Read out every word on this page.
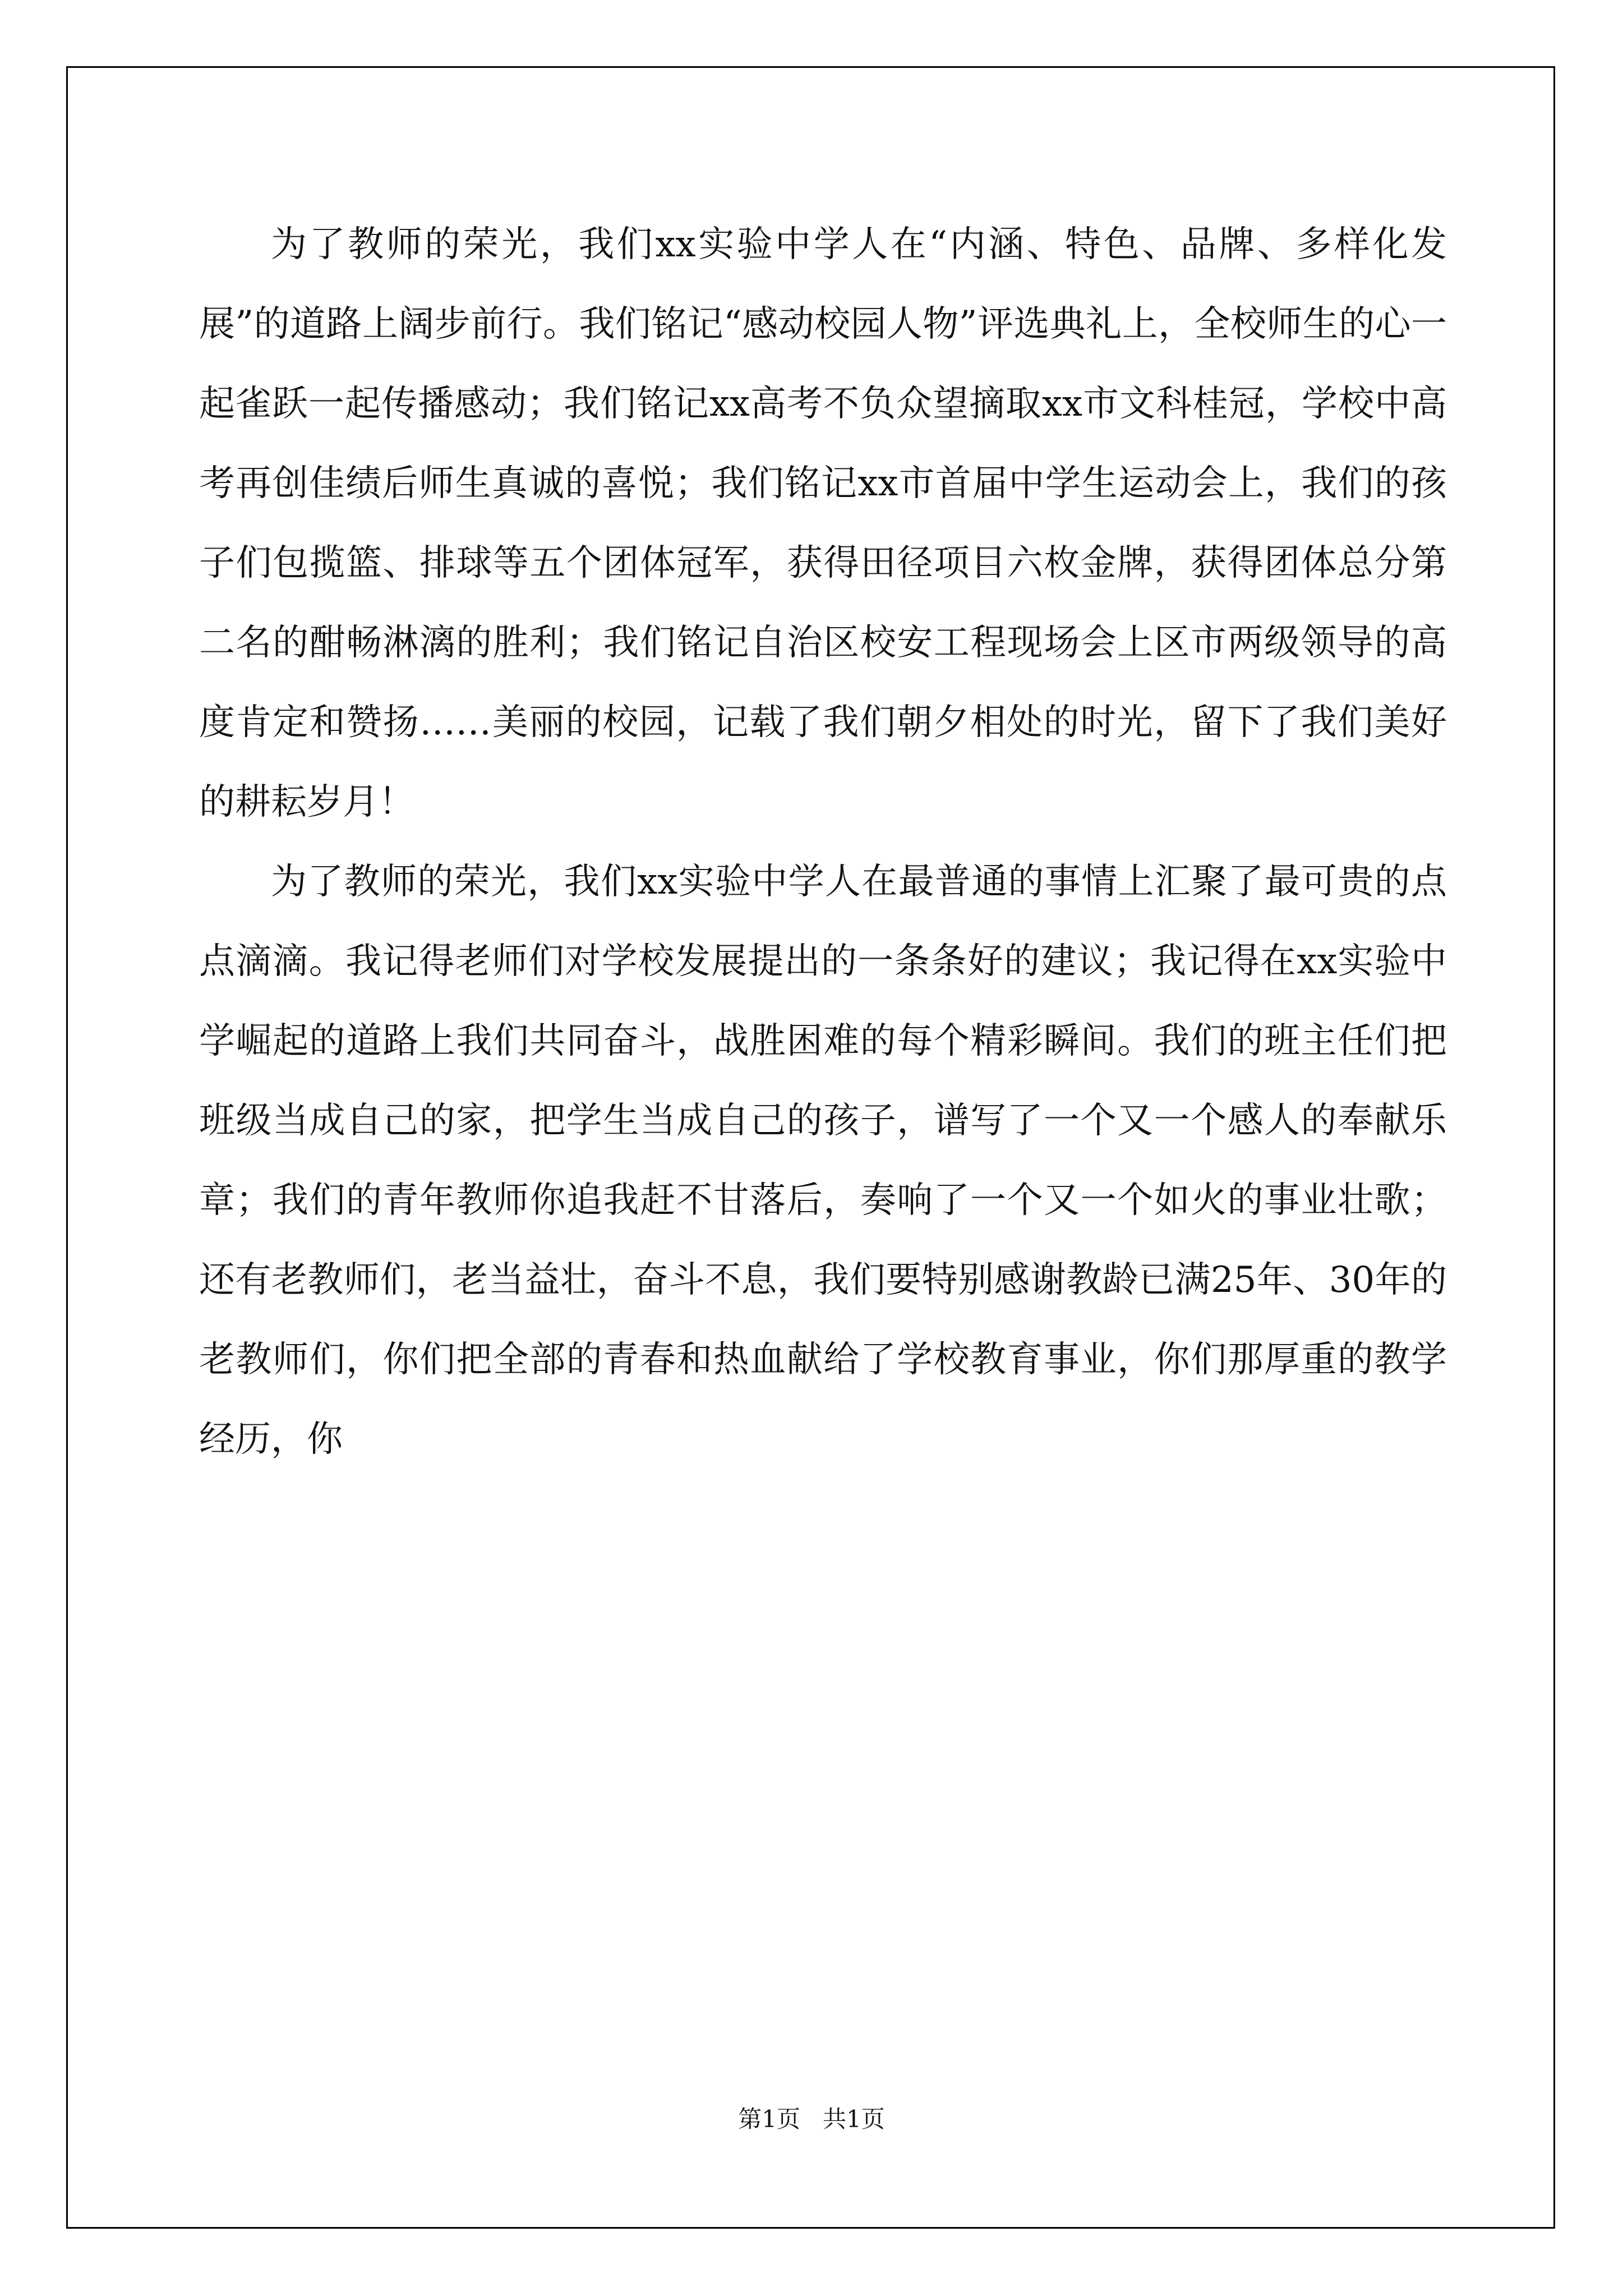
为了教师的荣光，我们xx实验中学人在“内涵、特色、品牌、多样化发展”的道路上阔步前行。我们铭记“感动校园人物”评选典礼上，全校师生的心一起雀跃一起传播感动；我们铭记xx高考不负众望摘取xx市文科桂冠，学校中高考再创佳绩后师生真诚的喜悦；我们铭记xx市首届中学生运动会上，我们的孩子们包揽篮、排球等五个团体冠军，获得田径项目六枚金牌，获得团体总分第二名的酣畅淋漓的胜利；我们铭记自治区校安工程现场会上区市两级领导的高度肯定和赞扬……美丽的校园，记载了我们朝夕相处的时光，留下了我们美好的耕耘岁月！

为了教师的荣光，我们xx实验中学人在最普通的事情上汇聚了最可贵的点点滴滴。我记得老师们对学校发展提出的一条条好的建议；我记得在xx实验中学崛起的道路上我们共同奋斗，战胜困难的每个精彩瞬间。我们的班主任们把班级当成自己的家，把学生当成自己的孩子，谱写了一个又一个感人的奉献乐章；我们的青年教师你追我赶不甘落后，奏响了一个又一个如火的事业壮歌；还有老教师们，老当益壮，奋斗不息，我们要特别感谢教龄已满25年、30年的老教师们，你们把全部的青春和热血献给了学校教育事业，你们那厚重的教学经历，你

第1页   共1页
